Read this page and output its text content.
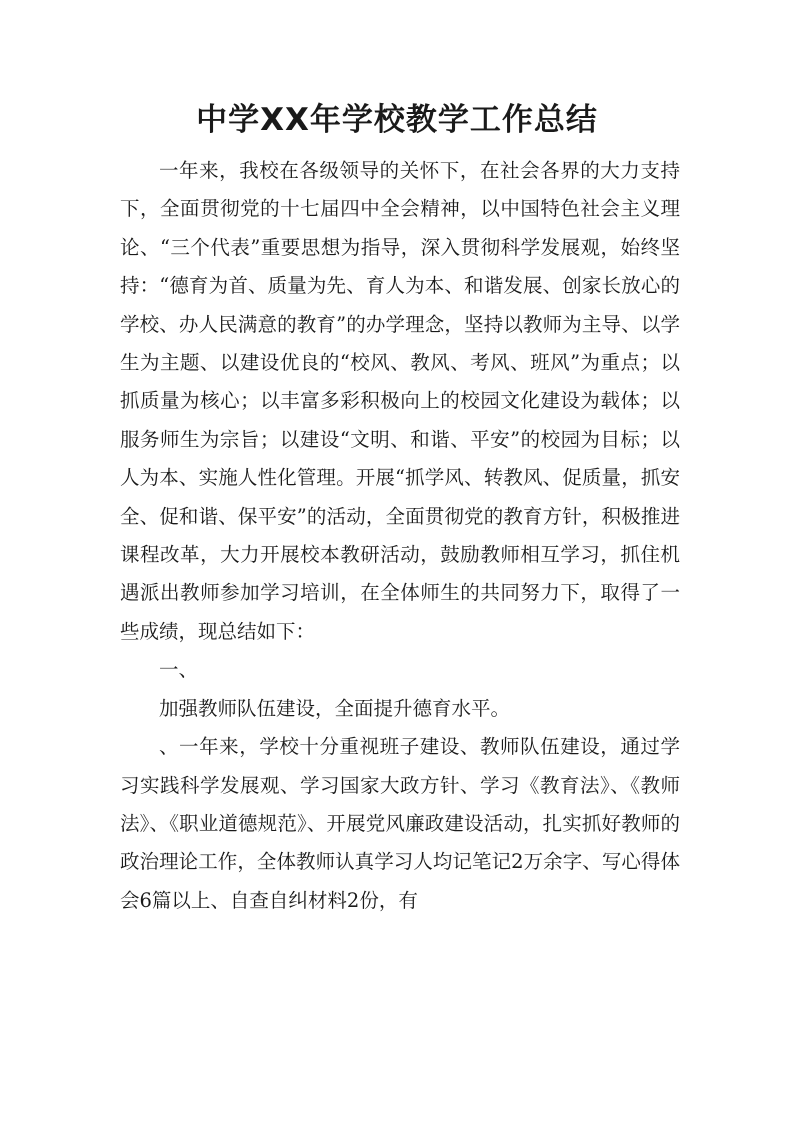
中学XX年学校教学工作总结

一年来，我校在各级领导的关怀下，在社会各界的大力支持下，全面贯彻党的十七届四中全会精神，以中国特色社会主义理论、“三个代表”重要思想为指导，深入贯彻科学发展观，始终坚持：“德育为首、质量为先、育人为本、和谐发展、创家长放心的学校、办人民满意的教育”的办学理念，坚持以教师为主导、以学生为主题、以建设优良的“校风、教风、考风、班风”为重点；以抓质量为核心；以丰富多彩积极向上的校园文化建设为载体；以服务师生为宗旨；以建设“文明、和谐、平安”的校园为目标；以人为本、实施人性化管理。开展“抓学风、转教风、促质量，抓安全、促和谐、保平安”的活动，全面贯彻党的教育方针，积极推进课程改革，大力开展校本教研活动，鼓励教师相互学习，抓住机遇派出教师参加学习培训，在全体师生的共同努力下，取得了一些成绩，现总结如下：

一、

加强教师队伍建设，全面提升德育水平。

、一年来，学校十分重视班子建设、教师队伍建设，通过学习实践科学发展观、学习国家大政方针、学习《教育法》、《教师法》、《职业道德规范》、开展党风廉政建设活动，扎实抓好教师的政治理论工作，全体教师认真学习人均记笔记2万余字、写心得体会6篇以上、自查自纠材料2份，有
